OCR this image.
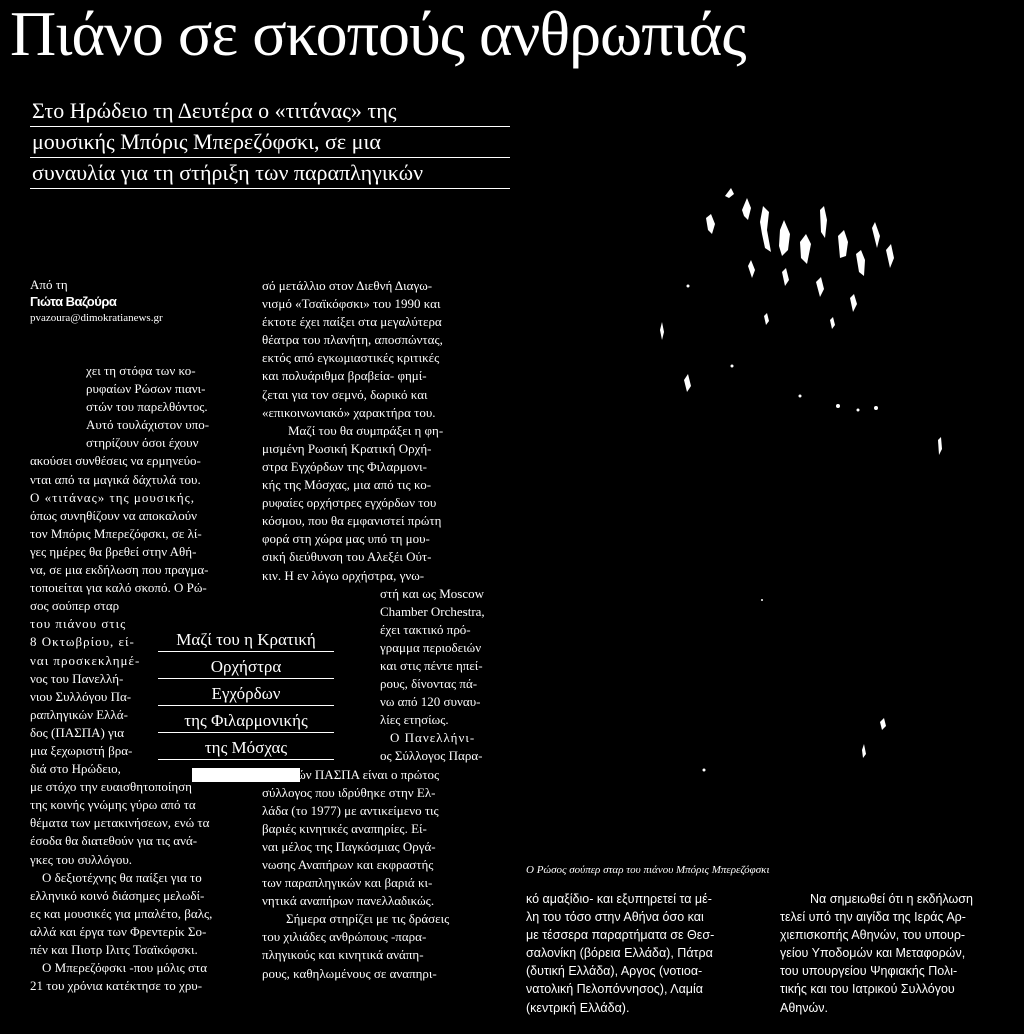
Πιάνο σε σκοπούς ανθρωπιάς
Στο Ηρώδειο τη Δευτέρα ο «τιτάνας» της
μουσικής Μπόρις Μπερεζόφσκι, σε μια
συναυλία για τη στήριξη των παραπληγικών
Από τη
Γιώτα Βαζούρα
pvazoura@dimokratianews.gr

χει τη στόφα των κο-

ρυφαίων Ρώσων πιανι-

στών του παρελθόντος.

Αυτό τουλάχιστον υπο-

στηρίζουν όσοι έχουν

ακούσει συνθέσεις να ερμηνεύο-

νται από τα μαγικά δάχτυλά του.

Ο «τιτάνας» της μουσικής,

όπως συνηθίζουν να αποκαλούν

τον Μπόρις Μπερεζόφσκι, σε λί-

γες ημέρες θα βρεθεί στην Αθή-

να, σε μια εκδήλωση που πραγμα-

τοποιείται για καλό σκοπό. Ο Ρώ-

σος σούπερ σταρ

του πιάνου στις

8 Οκτωβρίου, εί-

ναι προσκεκλημέ-

νος του Πανελλή-

νιου Συλλόγου Πα-

ραπληγικών Ελλά-

δος (ΠΑΣΠΑ) για

μια ξεχωριστή βρα-

διά στο Ηρώδειο,

με στόχο την ευαισθητοποίηση

της κοινής γνώμης γύρω από τα

θέματα των μετακινήσεων, ενώ τα

έσοδα θα διατεθούν για τις ανά-

γκες του συλλόγου.

Ο δεξιοτέχνης θα παίξει για το

ελληνικό κοινό διάσημες μελωδί-

ες και μουσικές για μπαλέτο, βαλς,

αλλά και έργα των Φρεντερίκ Σο-

πέν και Πιοτρ Ιλιτς Τσαϊκόφσκι.

Ο Μπερεζόφσκι -που μόλις στα

21 του χρόνια κατέκτησε το χρυ-

Μαζί του η Κρατική
Ορχήστρα
Εγχόρδων
της Φιλαρμονικής
της Μόσχας

σό μετάλλιο στον Διεθνή Διαγω-

νισμό «Τσαϊκόφσκι» του 1990 και

έκτοτε έχει παίξει στα μεγαλύτερα

θέατρα του πλανήτη, αποσπώντας,

εκτός από εγκωμιαστικές κριτικές

και πολυάριθμα βραβεία- φημί-

ζεται για τον σεμνό, δωρικό και

«επικοινωνιακό» χαρακτήρα του.

Μαζί του θα συμπράξει η φη-

μισμένη Ρωσική Κρατική Ορχή-

στρα Εγχόρδων της Φιλαρμονι-

κής της Μόσχας, μια από τις κο-

ρυφαίες ορχήστρες εγχόρδων του

κόσμου, που θα εμφανιστεί πρώτη

φορά στη χώρα μας υπό τη μου-

σική διεύθυνση του Αλεξέι Ούτ-

κιν. Η εν λόγω ορχήστρα, γνω-

στή και ως Moscow

Chamber Orchestra,

έχει τακτικό πρό-

γραμμα περιοδειών

και στις πέντε ηπεί-

ρους, δίνοντας πά-

νω από 120 συναυ-

λίες ετησίως.

Ο Πανελλήνι-

ος Σύλλογος Παρα-

πληγικών ΠΑΣΠΑ είναι ο πρώτος

σύλλογος που ιδρύθηκε στην Ελ-

λάδα (το 1977) με αντικείμενο τις

βαριές κινητικές αναπηρίες. Εί-

ναι μέλος της Παγκόσμιας Οργά-

νωσης Αναπήρων και εκφραστής

των παραπληγικών και βαριά κι-

νητικά αναπήρων πανελλαδικώς.

Σήμερα στηρίζει με τις δράσεις

του χιλιάδες ανθρώπους -παρα-

πληγικούς και κινητικά ανάπη-

ρους, καθηλωμένους σε αναπηρι-

Ο Ρώσος σούπερ σταρ του πιάνου Μπόρις Μπερεζόφσκι

κό αμαξίδιο- και εξυπηρετεί τα μέ-

λη του τόσο στην Αθήνα όσο και

με τέσσερα παραρτήματα σε Θεσ-

σαλονίκη (βόρεια Ελλάδα), Πάτρα

(δυτική Ελλάδα), Αργος (νοτιοα-

νατολική Πελοπόννησος), Λαμία

(κεντρική Ελλάδα).

Να σημειωθεί ότι η εκδήλωση

τελεί υπό την αιγίδα της Ιεράς Αρ-

χιεπισκοπής Αθηνών, του υπουρ-

γείου Υποδομών και Μεταφορών,

του υπουργείου Ψηφιακής Πολι-

τικής και του Ιατρικού Συλλόγου

Αθηνών.
